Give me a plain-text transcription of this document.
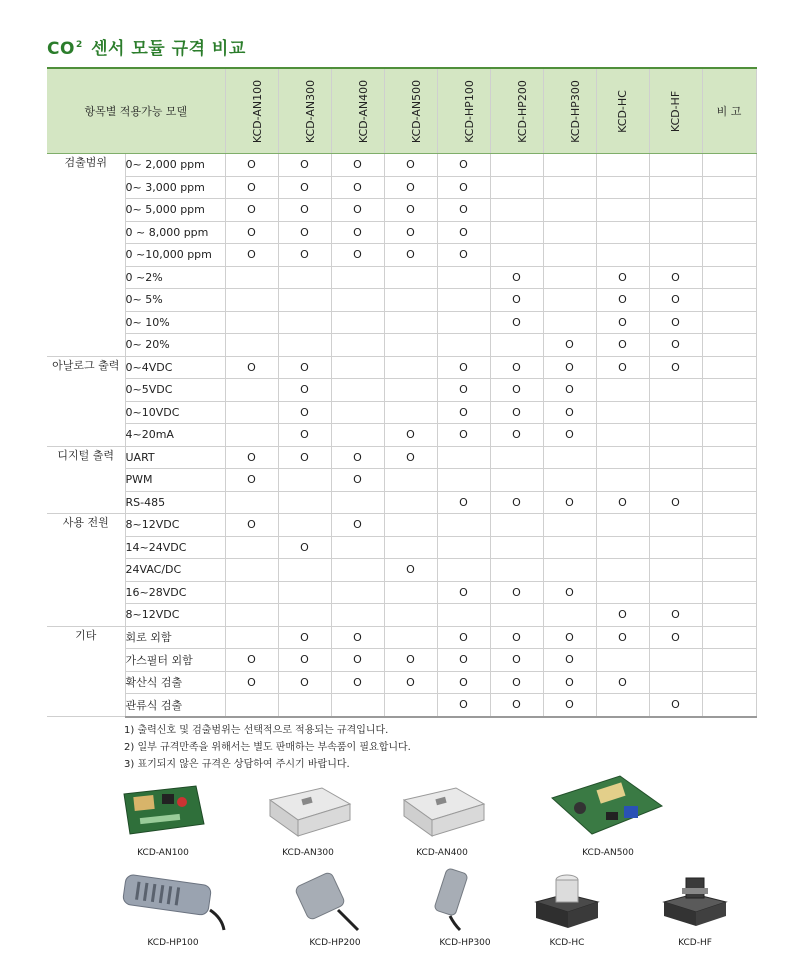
$CO^2$ 센서 모듈 규격 비교
항목별 적용가능 모델		KCD-AN100	KCD-AN300	KCD-AN400	KCD-AN500	KCD-HP100	KCD-HP200	KCD-HP300	KCD-HC	KCD-HF	비 고
검출범위	0~ 2,000 ppm	O	O	O	O	O					
	0~ 3,000 ppm	O	O	O	O	O					
	0~ 5,000 ppm	O	O	O	O	O					
	0 ~ 8,000 ppm	O	O	O	O	O					
	0 ~10,000 ppm	O	O	O	O	O					
	0 ~2%						O		O	O	
	0~ 5%						O		O	O	
	0~ 10%						O		O	O	
	0~ 20%							O	O	O	
아날로그 출력	0~4VDC	O	O			O	O	O	O	O	
	0~5VDC		O			O	O	O			
	0~10VDC		O			O	O	O			
	4~20mA		O		O	O	O	O			
디지털 출력	UART	O	O	O	O						
	PWM	O		O							
	RS-485					O	O	O	O	O	
사용 전원	8~12VDC	O		O							
	14~24VDC		O								
	24VAC/DC				O						
	16~28VDC					O	O	O			
	8~12VDC								O	O	
기타	회로 외함		O	O		O	O	O	O	O	
	가스필터 외함	O	O	O	O	O	O	O			
	확산식 검출	O	O	O	O	O	O	O	O		
	관류식 검출					O	O	O		O	
1) 출력신호 및 검출범위는 선택적으로 적용되는 규격입니다.
2) 일부 규격만족을 위해서는 별도 판매하는 부속품이 필요합니다.
3) 표기되지 않은 규격은 상담하여 주시기 바랍니다.
KCD-AN100	KCD-AN300	KCD-AN400	KCD-AN500
KCD-HP100	KCD-HP200	KCD-HP300	KCD-HC	KCD-HF
